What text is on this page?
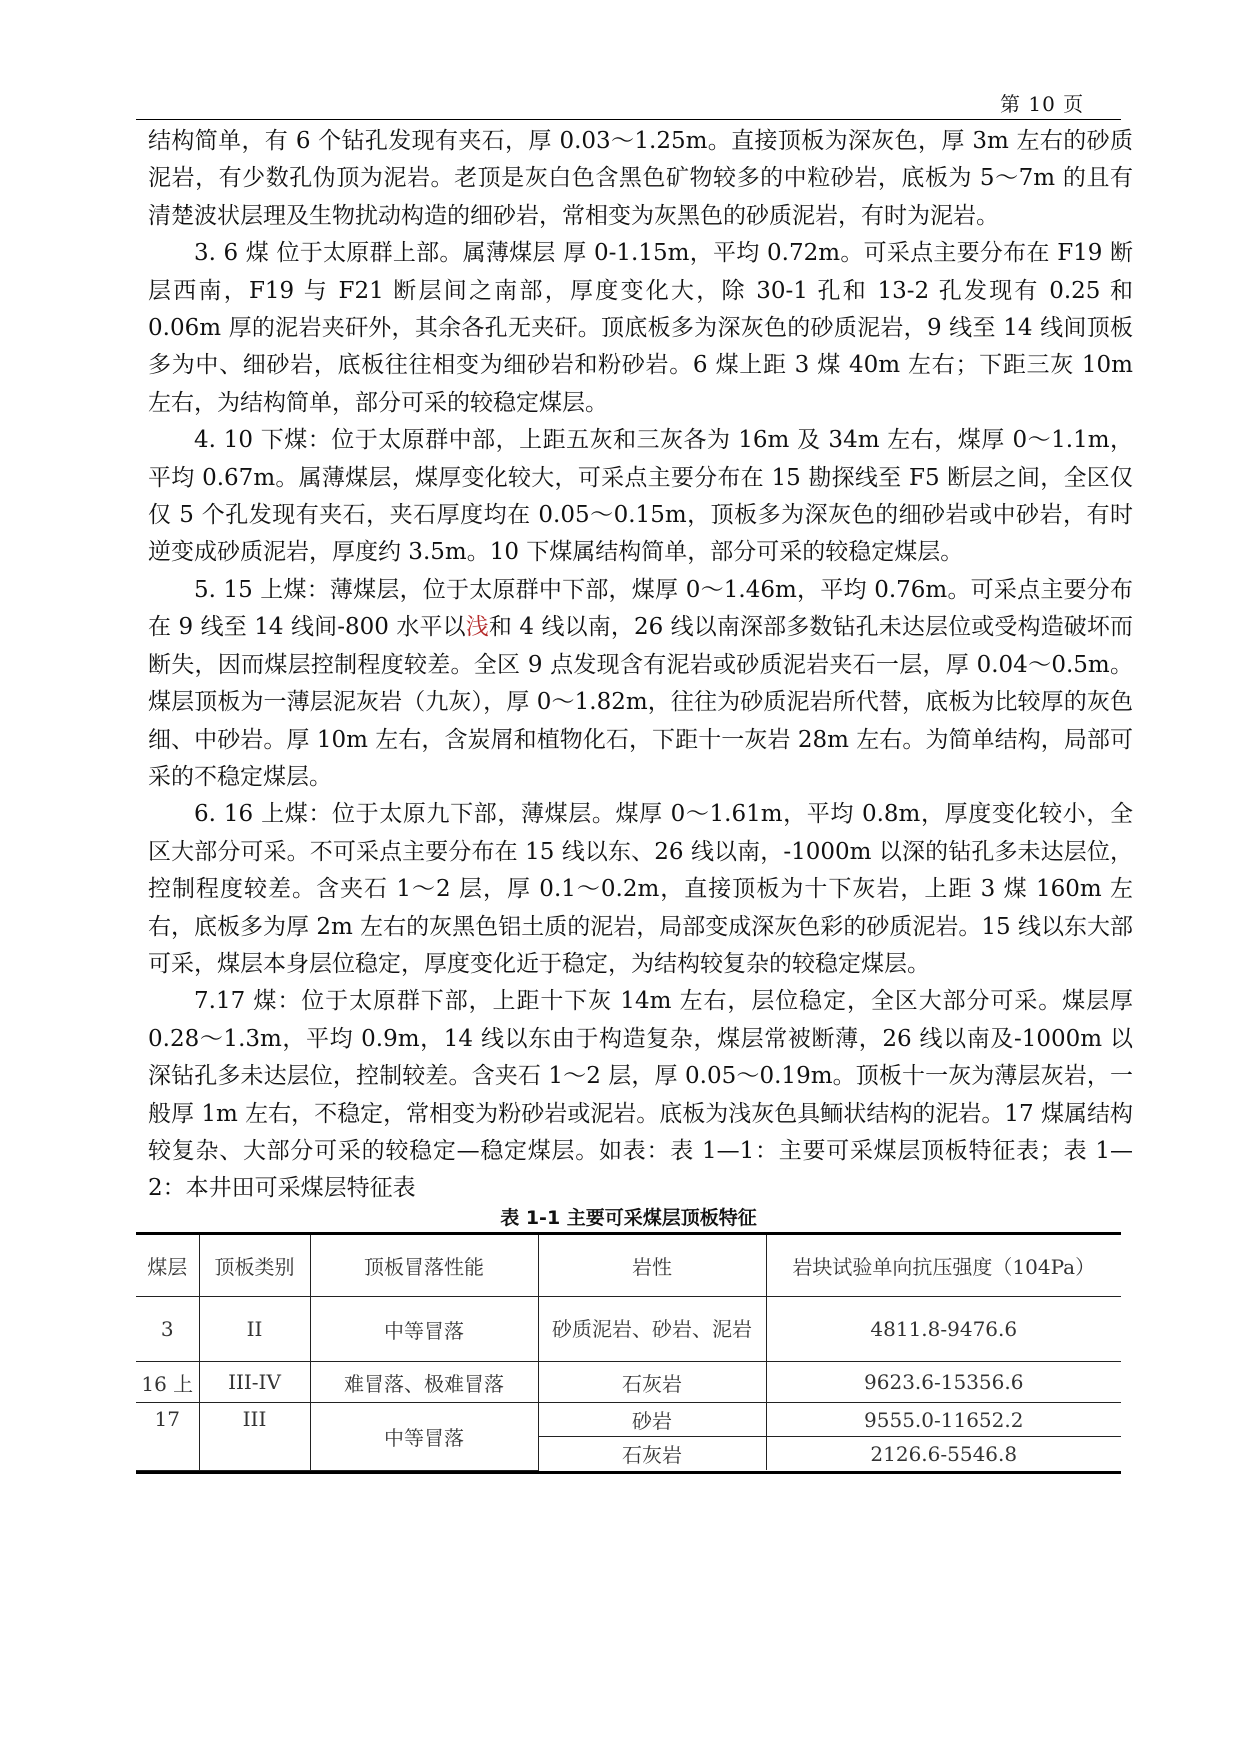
第 10 页

结构简单，有 6 个钻孔发现有夹石，厚 0.03～1.25m。直接顶板为深灰色，厚 3m 左右的砂质泥岩，有少数孔伪顶为泥岩。老顶是灰白色含黑色矿物较多的中粒砂岩，底板为 5～7m 的且有清楚波状层理及生物扰动构造的细砂岩，常相变为灰黑色的砂质泥岩，有时为泥岩。

3. 6 煤 位于太原群上部。属薄煤层 厚 0-1.15m，平均 0.72m。可采点主要分布在 F19 断层西南，F19 与 F21 断层间之南部，厚度变化大，除 30-1 孔和 13-2 孔发现有 0.25 和 0.06m 厚的泥岩夹矸外，其余各孔无夹矸。顶底板多为深灰色的砂质泥岩，9 线至 14 线间顶板多为中、细砂岩，底板往往相变为细砂岩和粉砂岩。6 煤上距 3 煤 40m 左右；下距三灰 10m 左右，为结构简单，部分可采的较稳定煤层。

4. 10 下煤：位于太原群中部，上距五灰和三灰各为 16m 及 34m 左右，煤厚 0～1.1m，平均 0.67m。属薄煤层，煤厚变化较大，可采点主要分布在 15 勘探线至 F5 断层之间，全区仅仅 5 个孔发现有夹石，夹石厚度均在 0.05～0.15m，顶板多为深灰色的细砂岩或中砂岩，有时逆变成砂质泥岩，厚度约 3.5m。10 下煤属结构简单，部分可采的较稳定煤层。

5. 15 上煤：薄煤层，位于太原群中下部，煤厚 0～1.46m，平均 0.76m。可采点主要分布在 9 线至 14 线间-800 水平以浅和 4 线以南，26 线以南深部多数钻孔未达层位或受构造破坏而断失，因而煤层控制程度较差。全区 9 点发现含有泥岩或砂质泥岩夹石一层，厚 0.04～0.5m。煤层顶板为一薄层泥灰岩（九灰），厚 0～1.82m，往往为砂质泥岩所代替，底板为比较厚的灰色细、中砂岩。厚 10m 左右，含炭屑和植物化石，下距十一灰岩 28m 左右。为简单结构，局部可采的不稳定煤层。

6. 16 上煤：位于太原九下部，薄煤层。煤厚 0～1.61m，平均 0.8m，厚度变化较小，全区大部分可采。不可采点主要分布在 15 线以东、26 线以南，-1000m 以深的钻孔多未达层位，控制程度较差。含夹石 1～2 层，厚 0.1～0.2m，直接顶板为十下灰岩，上距 3 煤 160m 左右，底板多为厚 2m 左右的灰黑色铝土质的泥岩，局部变成深灰色彩的砂质泥岩。15 线以东大部可采，煤层本身层位稳定，厚度变化近于稳定，为结构较复杂的较稳定煤层。

7.17 煤：位于太原群下部，上距十下灰 14m 左右，层位稳定，全区大部分可采。煤层厚 0.28～1.3m，平均 0.9m，14 线以东由于构造复杂，煤层常被断薄，26 线以南及-1000m 以深钻孔多未达层位，控制较差。含夹石 1～2 层，厚 0.05～0.19m。顶板十一灰为薄层灰岩，一般厚 1m 左右，不稳定，常相变为粉砂岩或泥岩。底板为浅灰色具鲕状结构的泥岩。17 煤属结构较复杂、大部分可采的较稳定—稳定煤层。如表：表 1—1：主要可采煤层顶板特征表；表 1—2：本井田可采煤层特征表

表 1-1 主要可采煤层顶板特征
煤层	顶板类别	顶板冒落性能	岩性	岩块试验单向抗压强度（104Pa）
3	II	中等冒落	砂质泥岩、砂岩、泥岩	4811.8-9476.6
16 上	III-IV	难冒落、极难冒落	石灰岩	9623.6-15356.6
17	III	中等冒落	砂岩	9555.0-11652.2
			石灰岩	2126.6-5546.8
